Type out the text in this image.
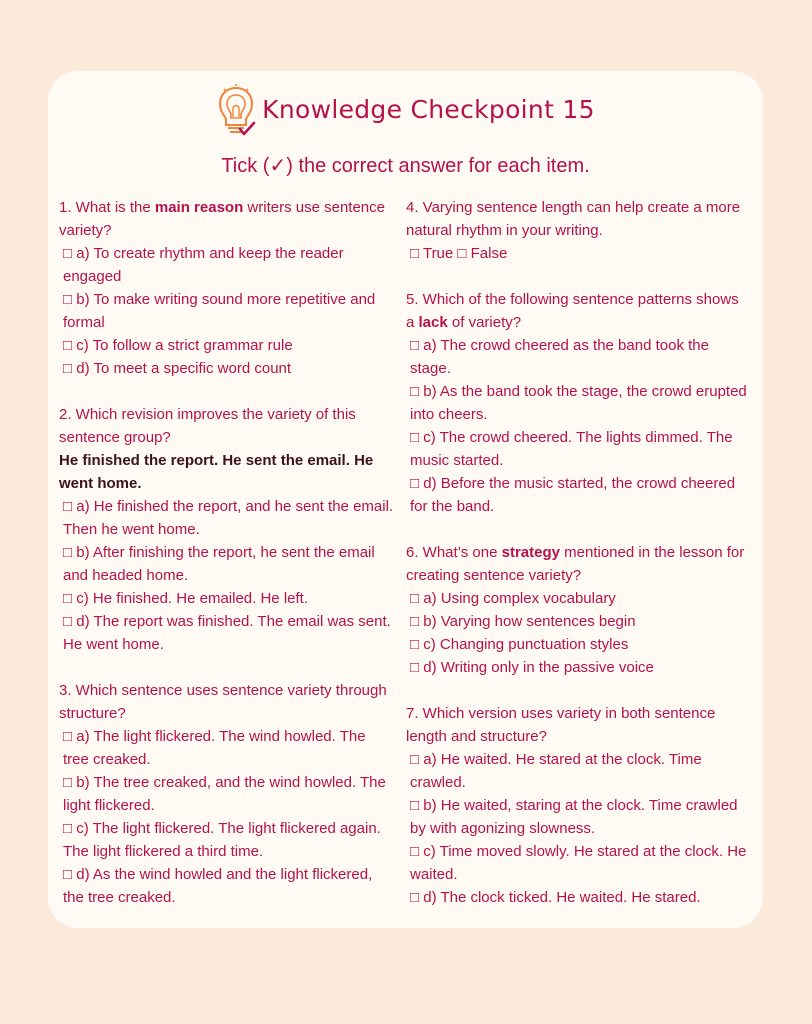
Knowledge Checkpoint 15
Tick (✓) the correct answer for each item.
1. What is the main reason writers use sentence variety?
□ a) To create rhythm and keep the reader engaged
□ b) To make writing sound more repetitive and formal
□ c) To follow a strict grammar rule
□ d) To meet a specific word count
2. Which revision improves the variety of this sentence group?
He finished the report. He sent the email. He went home.
□ a) He finished the report, and he sent the email. Then he went home.
□ b) After finishing the report, he sent the email and headed home.
□ c) He finished. He emailed. He left.
□ d) The report was finished. The email was sent. He went home.
3. Which sentence uses sentence variety through structure?
□ a) The light flickered. The wind howled. The tree creaked.
□ b) The tree creaked, and the wind howled. The light flickered.
□ c) The light flickered. The light flickered again. The light flickered a third time.
□ d) As the wind howled and the light flickered, the tree creaked.
4. Varying sentence length can help create a more natural rhythm in your writing.
□ True □ False
5. Which of the following sentence patterns shows a lack of variety?
□ a) The crowd cheered as the band took the stage.
□ b) As the band took the stage, the crowd erupted into cheers.
□ c) The crowd cheered. The lights dimmed. The music started.
□ d) Before the music started, the crowd cheered for the band.
6. What’s one strategy mentioned in the lesson for creating sentence variety?
□ a) Using complex vocabulary
□ b) Varying how sentences begin
□ c) Changing punctuation styles
□ d) Writing only in the passive voice
7. Which version uses variety in both sentence length and structure?
□ a) He waited. He stared at the clock. Time crawled.
□ b) He waited, staring at the clock. Time crawled by with agonizing slowness.
□ c) Time moved slowly. He stared at the clock. He waited.
□ d) The clock ticked. He waited. He stared.
